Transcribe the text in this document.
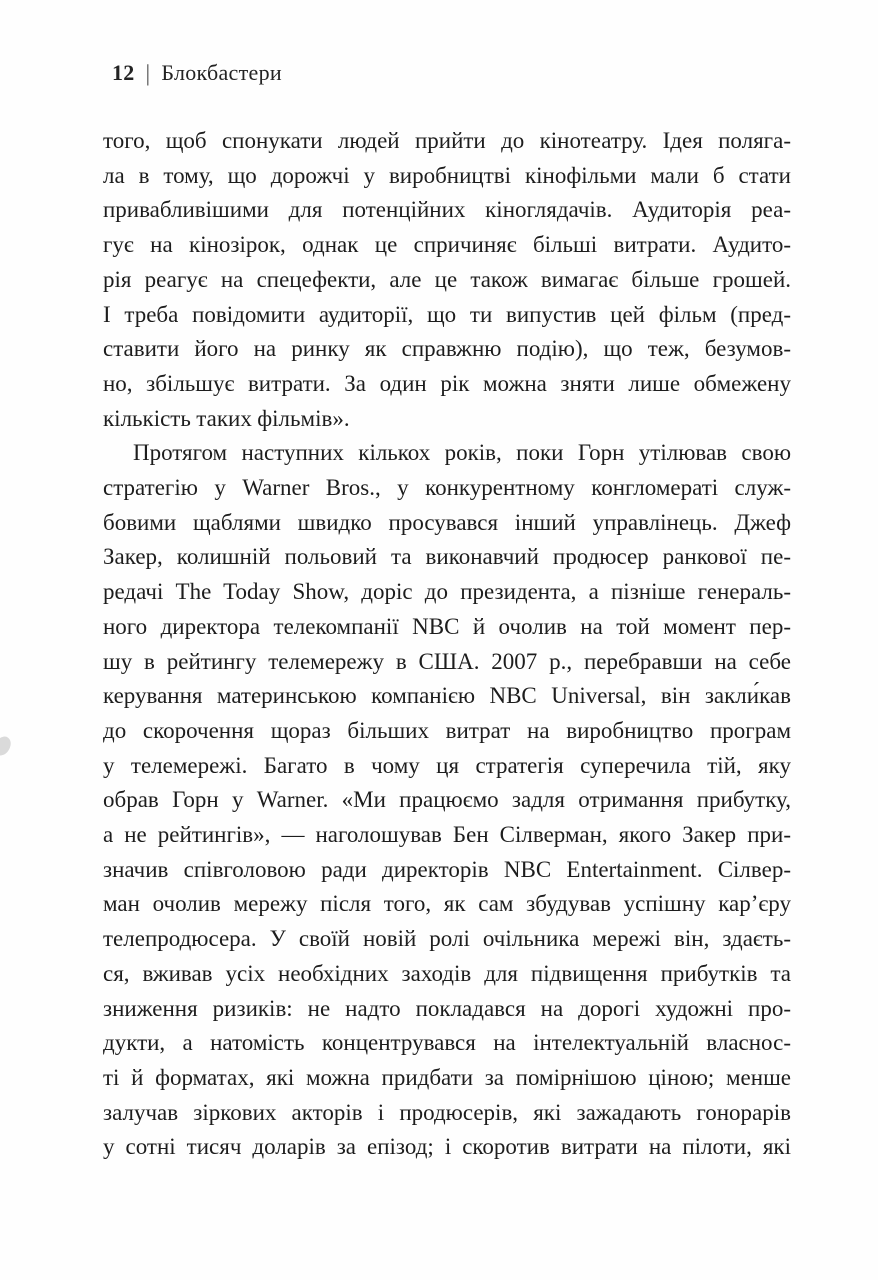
12 | Блокбастери
того, щоб спонукати людей прийти до кінотеатру. Ідея поляга-
ла в тому, що дорожчі у виробництві кінофільми мали б стати
привабливішими для потенційних кіноглядачів. Аудиторія реа-
гує на кінозірок, однак це спричиняє більші витрати. Аудито-
рія реагує на спецефекти, але це також вимагає більше грошей.
І треба повідомити аудиторії, що ти випустив цей фільм (пред-
ставити його на ринку як справжню подію), що теж, безумов-
но, збільшує витрати. За один рік можна зняти лише обмежену
кількість таких фільмів».
Протягом наступних кількох років, поки Горн утілював свою
стратегію у Warner Bros., у конкурентному конгломераті служ-
бовими щаблями швидко просувався інший управлінець. Джеф
Закер, колишній польовий та виконавчий продюсер ранкової пе-
редачі The Today Show, доріс до президента, а пізніше генераль-
ного директора телекомпанії NBC й очолив на той момент пер-
шу в рейтингу телемережу в США. 2007 р., перебравши на себе
керування материнською компанією NBC Universal, він закли́кав
до скорочення щораз більших витрат на виробництво програм
у телемережі. Багато в чому ця стратегія суперечила тій, яку
обрав Горн у Warner. «Ми працюємо задля отримання прибутку,
а не рейтингів», — наголошував Бен Сілверман, якого Закер при-
значив співголовою ради директорів NBC Entertainment. Сілвер-
ман очолив мережу після того, як сам збудував успішну кар’єру
телепродюсера. У своїй новій ролі очільника мережі він, здаєть-
ся, вживав усіх необхідних заходів для підвищення прибутків та
зниження ризиків: не надто покладався на дорогі художні про-
дукти, а натомість концентрувався на інтелектуальній власнос-
ті й форматах, які можна придбати за помірнішою ціною; менше
залучав зіркових акторів і продюсерів, які зажадають гонорарів
у сотні тисяч доларів за епізод; і скоротив витрати на пілоти, які
